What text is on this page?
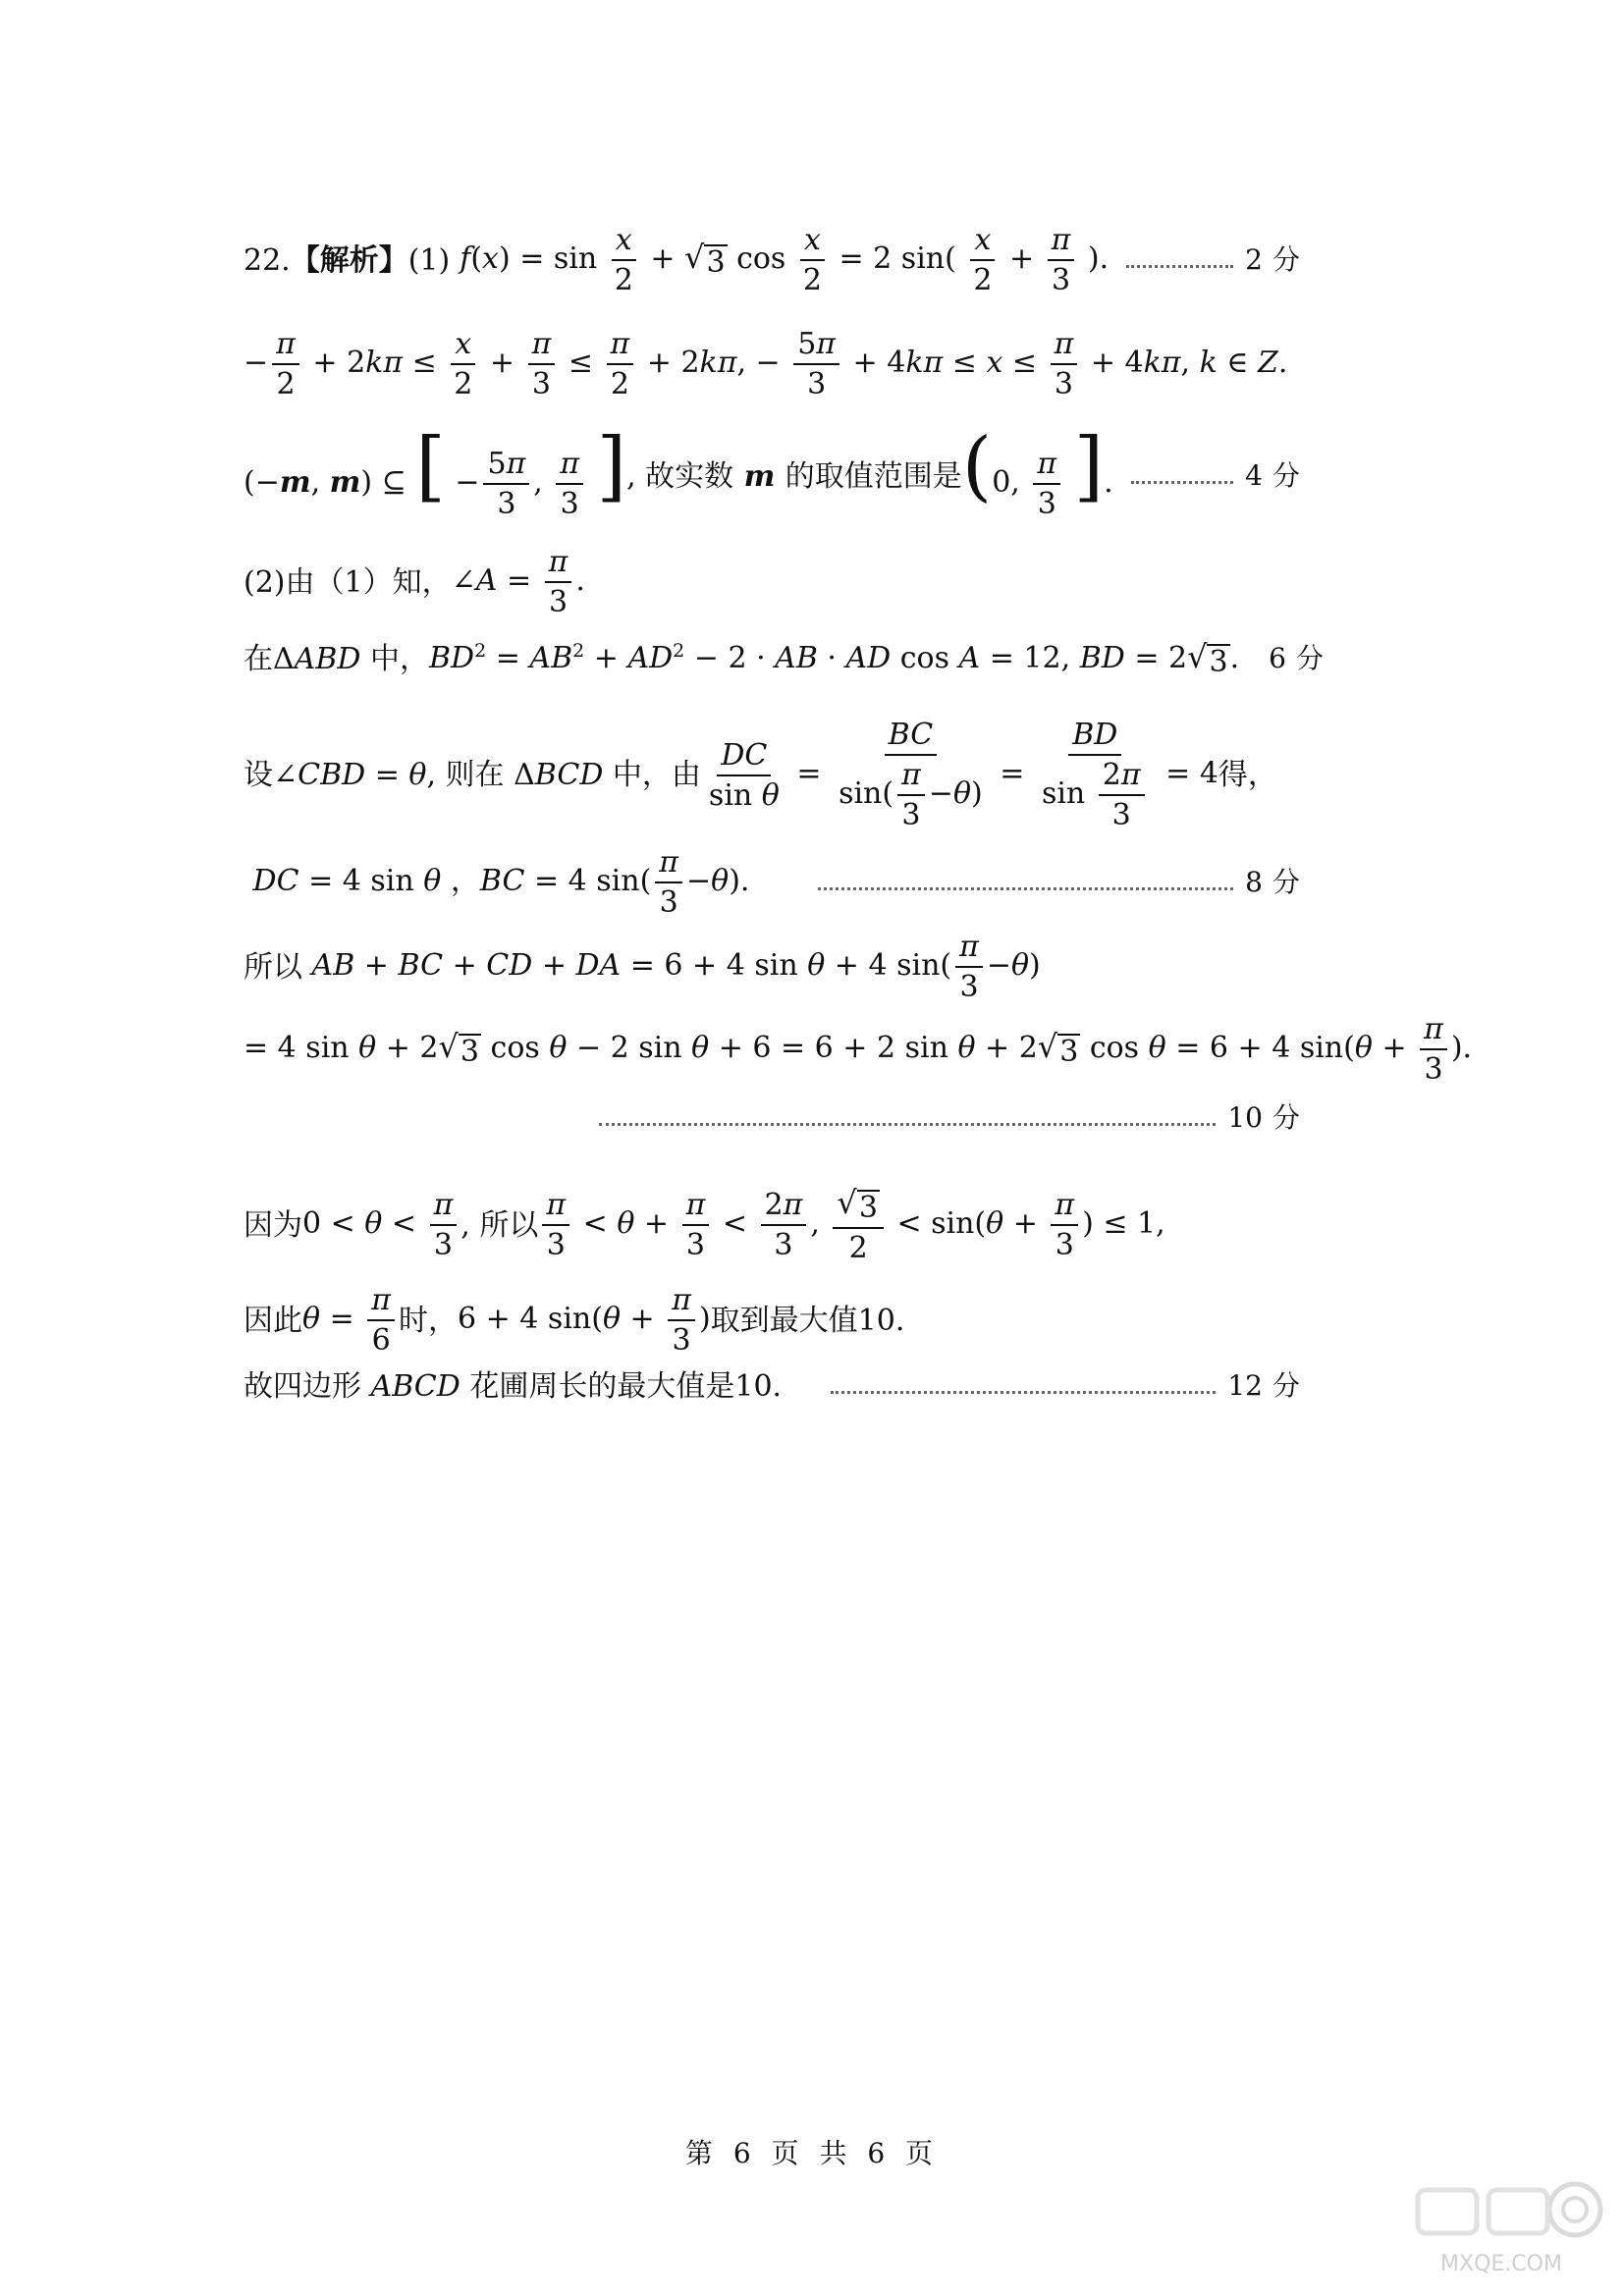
22. 【解析】 (1) $f(x) = \sin \frac{x}{2}$ + √ 3 $\cos \frac{x}{2} = 2$ $\sin( \frac{x}{2} + \frac{\pi}{3}$ ).	2 分
− $\frac{\pi}{2} + 2k\pi \le \frac{x}{2} + \frac{\pi}{3} \le \frac{\pi}{2} + 2k\pi$, − $\frac{5\pi}{3} + 4k\pi \le x \le \frac{\pi}{3} + 4k\pi$, k ∈ Z.
(−m, m) ⊆ [ − $\frac{5\pi}{3}$ , $\frac{\pi}{3}$ ] , 故实数 m 的取值范围是 (0, $\frac{\pi}{3}$ ].	4 分
(2) 由（1）知， ∠A = $\frac{\pi}{3}$ .
在 ΔABD 中， $BD^2 = AB^2 + AD^2 - 2$ · AB · AD cos A = 12, BD = 2 √ 3 . 6 分
设 ∠CBD = θ , 则在 ΔBCD 中，由 $\frac{DC}{\text{sin θ}} = \frac{BC}{\sin( \frac{\pi}{3} -\theta)} = \frac{BD}{\sin \frac{2\pi}{3}} = 4$ 得，
DC = 4 sin θ ，BC = 4 $\sin( \frac{\pi}{3} -\theta)$.	8 分
所以 AB + BC + CD + DA = 6 + 4 sin θ + 4 $\sin( \frac{\pi}{3} -\theta)$
= 4 sin θ + 2 √ 3 cos θ − 2 sin θ + 6 = 6 + 2 sin θ + 2 √ 3 cos θ = 6 + 4 $\sin(\theta + \frac{\pi}{3}$ ).
10 分
因为 $0 < \theta < \frac{\pi}{3}$ , 所以 $\frac{\pi}{3} < \theta + \frac{\pi}{3} < \frac{2\pi}{3}$ , $\frac{√ 3}{2} < \sin(\theta + \frac{\pi}{3}$ ) ≤ 1,
因此 $\theta = \frac{\pi}{6}$ 时， 6 + 4 $\sin(\theta + \frac{\pi}{3}$ ) 取到最大值 10.
故四边形 ABCD 花圃周长的最大值是 10.	12 分
第 6 页 共 6 页
MXQE.COM
